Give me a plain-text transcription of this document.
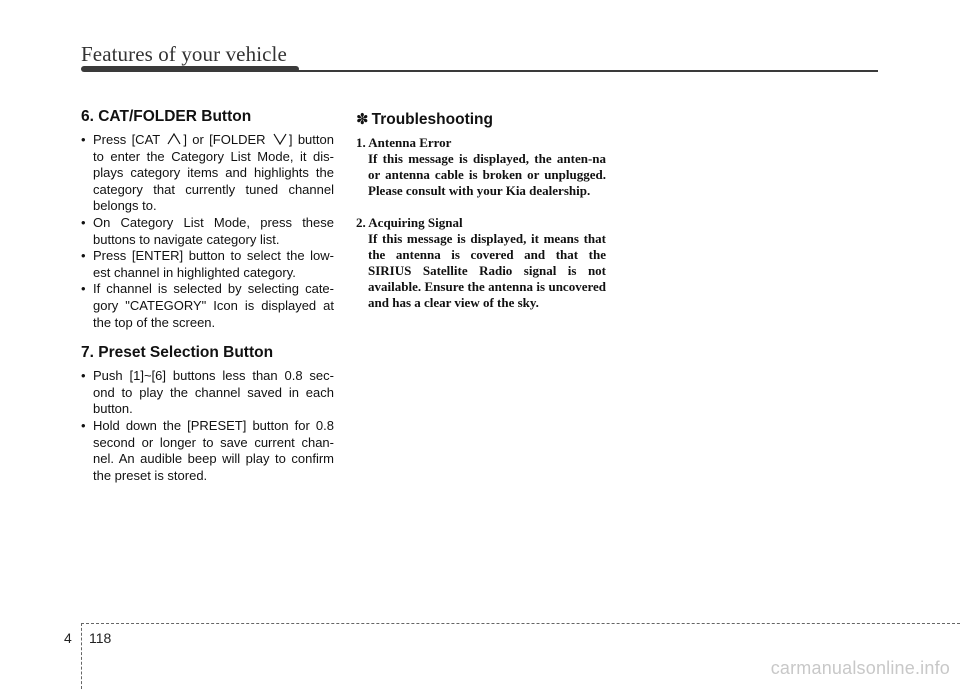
Features of your vehicle
6. CAT/FOLDER Button
• Press [CAT ] or [FOLDER ] button to enter the Category List Mode, it dis-plays category items and highlights the category that currently tuned channel belongs to.
• On Category List Mode, press these buttons to navigate category list.
• Press [ENTER] button to select the low-est channel in highlighted category.
• If channel is selected by selecting cate-gory "CATEGORY" Icon is displayed at the top of the screen.
7. Preset Selection Button
• Push [1]~[6] buttons less than 0.8 sec-ond to play the channel saved in each button.
• Hold down the [PRESET] button for 0.8 second or longer to save current chan-nel. An audible beep will play to confirm the preset is stored.
✽ Troubleshooting
1. Antenna Error
If this message is displayed, the anten-na or antenna cable is broken or unplugged. Please consult with your Kia dealership.
2. Acquiring Signal
If this message is displayed, it means that the antenna is covered and that the SIRIUS Satellite Radio signal is not available. Ensure the antenna is uncovered and has a clear view of the sky.
4 118
carmanualsonline.info
